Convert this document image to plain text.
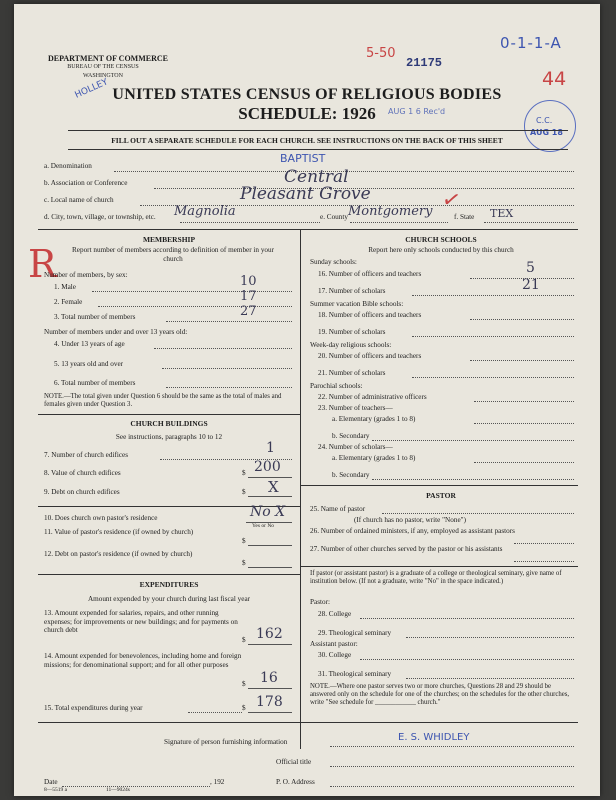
DEPARTMENT OF COMMERCE
BUREAU OF THE CENSUS
WASHINGTON
0-1-1-A
44
5-50
21175
HOLLEY UNITED STATES CENSUS OF RELIGIOUS BODIES
SCHEDULE: 1926	AUG 1 6 Rec'd
C.C.
AUG 18
FILL OUT A SEPARATE SCHEDULE FOR EACH CHURCH. SEE INSTRUCTIONS ON THE BACK OF THIS SHEET
a. Denomination
BAPTIST
b. Association or Conference	Central
c. Local name of church	Pleasant Grove
d. City, town, village, or township, etc. Magnolia	e. County Montgomery ✓
f. State TEX
R
MEMBERSHIP
Report number of members according to definition of member in your church
Number of members, by sex:
1. Male	10
2. Female	17
3. Total number of members	27
Number of members under and over 13 years old:
4. Under 13 years of age
5. 13 years old and over
6. Total number of members
NOTE.—The total given under Question 6 should be the same as the total of males and females given under Question 3.
CHURCH BUILDINGS
See instructions, paragraphs 10 to 12
7. Number of church edifices	1
8. Value of church edifices	$ 200
9. Debt on church edifices	$ X
10. Does church own pastor's residence	No X
Yes or No
11. Value of pastor's residence (if owned by church)
$
12. Debt on pastor's residence (if owned by church)
$
EXPENDITURES
Amount expended by your church during last fiscal year
13. Amount expended for salaries, repairs, and other running expenses; for improvements or new buildings; and for payments on church debt
$ 162
14. Amount expended for benevolences, including home and foreign missions; for denominational support; and for all other purposes
$ 16
15. Total expenditures during year	$ 178
CHURCH SCHOOLS
Report here only schools conducted by this church
Sunday schools:
16. Number of officers and teachers	5
17. Number of scholars	21
Summer vacation Bible schools:
18. Number of officers and teachers
19. Number of scholars
Week-day religious schools:
20. Number of officers and teachers
21. Number of scholars
Parochial schools:
22. Number of administrative officers
23. Number of teachers—
a. Elementary (grades 1 to 8)
b. Secondary
24. Number of scholars—
a. Elementary (grades 1 to 8)
b. Secondary
PASTOR
25. Name of pastor
(If church has no pastor, write "None")
26. Number of ordained ministers, if any, employed as assistant pastors
27. Number of other churches served by the pastor or his assistants
If pastor (or assistant pastor) is a graduate of a college or theological seminary, give name of institution below. (If not a graduate, write "No" in the space indicated.)
Pastor:
28. College
29. Theological seminary
Assistant pastor:
30. College
31. Theological seminary
NOTE.—Where one pastor serves two or more churches, Questions 28 and 29 should be answered only on the schedule for one of the churches; on the schedules for the other churches, write "See schedule for ____________ church."
Signature of person furnishing information	E. S. WHIDLEY
Official title
Date	, 192	P. O. Address
8—5519 a	11—9024s
